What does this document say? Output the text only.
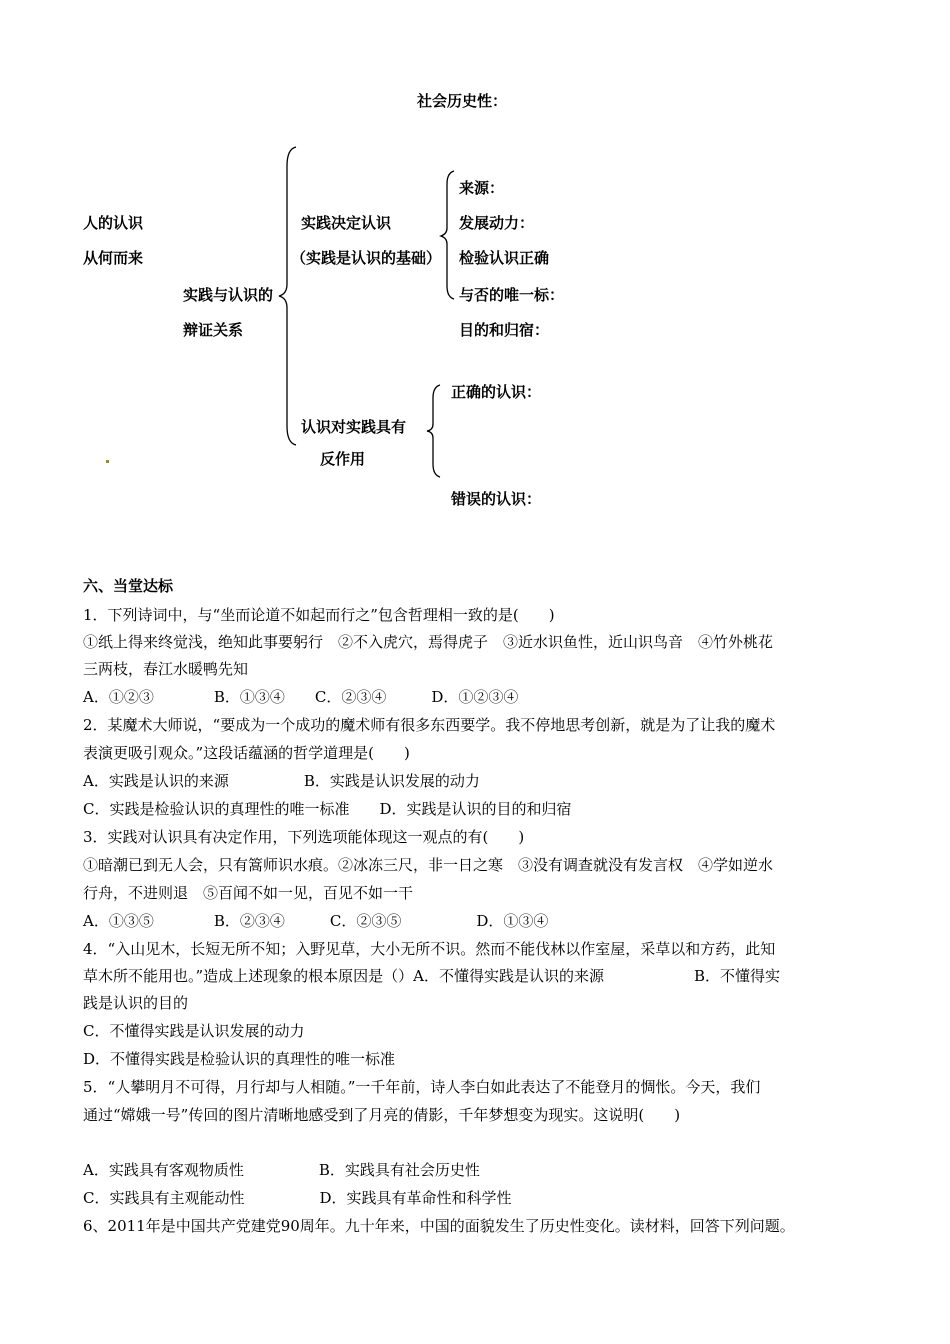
社会历史性：
人的认识
从何而来
实践与认识的
辩证关系
实践决定认识
（实践是认识的基础）
来源：
发展动力：
检验认识正确
与否的唯一标：
目的和归宿：
认识对实践具有
反作用
正确的认识：
错误的认识：
六、当堂达标
1．下列诗词中，与“坐而论道不如起而行之”包含哲理相一致的是(　　)
①纸上得来终觉浅，绝知此事要躬行　②不入虎穴，焉得虎子　③近水识鱼性，近山识鸟音　④竹外桃花
三两枝，春江水暖鸭先知
A．①②③　　　　B．①③④　　C．②③④　　　D．①②③④
2．某魔术大师说，“要成为一个成功的魔术师有很多东西要学。我不停地思考创新，就是为了让我的魔术
表演更吸引观众。”这段话蕴涵的哲学道理是(　　)
A．实践是认识的来源　　　　　B．实践是认识发展的动力
C．实践是检验认识的真理性的唯一标准　　D．实践是认识的目的和归宿
3．实践对认识具有决定作用，下列选项能体现这一观点的有(　　)
①暗潮已到无人会，只有篙师识水痕。②冰冻三尺，非一日之寒　③没有调查就没有发言权　④学如逆水
行舟，不进则退　⑤百闻不如一见，百见不如一干
A．①③⑤　　　　B．②③④　　　C．②③⑤　　　　　D．①③④
4．“入山见木，长短无所不知；入野见草，大小无所不识。然而不能伐林以作室屋，采草以和方药，此知
草木所不能用也。”造成上述现象的根本原因是（）A．不懂得实践是认识的来源　　　　　　B．不懂得实
践是认识的目的
C．不懂得实践是认识发展的动力
D．不懂得实践是检验认识的真理性的唯一标准
5．“人攀明月不可得，月行却与人相随。”一千年前，诗人李白如此表达了不能登月的惆怅。今天，我们
通过“嫦娥一号”传回的图片清晰地感受到了月亮的倩影，千年梦想变为现实。这说明(　　)
A．实践具有客观物质性　　　　　B．实践具有社会历史性
C．实践具有主观能动性　　　　　D．实践具有革命性和科学性
6、2011年是中国共产党建党90周年。九十年来，中国的面貌发生了历史性变化。读材料，回答下列问题。
